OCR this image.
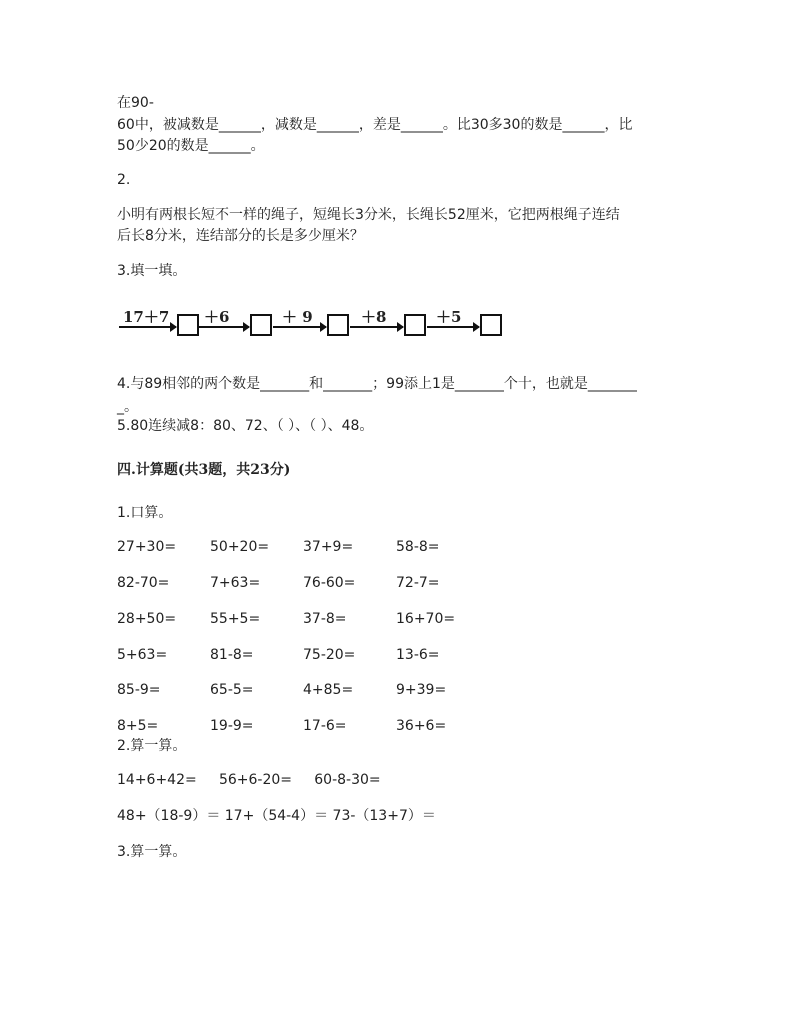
在90-
60中，被减数是______，减数是______，差是______。比30多30的数是______，比
50少20的数是______。
2.
小明有两根长短不一样的绳子，短绳长3分米，长绳长52厘米，它把两根绳子连结
后长8分米，连结部分的长是多少厘米？
3.填一填。
17＋7 ＋6	＋ 9	＋8	＋5
4.与89相邻的两个数是_______和_______；99添上1是_______个十，也就是_______
_。
5.80连续减8：80、72、（ ）、（ ）、48。
四.计算题(共3题，共23分)
1.口算。
27+30= 50+20= 37+9=	58-8=
82-70=	7+63=	76-60=	72-7=
28+50= 55+5=	37-8=	16+70=
5+63=	81-8=	75-20=	13-6=
85-9=	65-5=	4+85=	9+39=
8+5=	19-9=	17-6=	36+6=
2.算一算。
14+6+42=     56+6-20=     60-8-30=
48+（18-9）＝ 17+（54-4）＝ 73-（13+7）＝
3.算一算。
